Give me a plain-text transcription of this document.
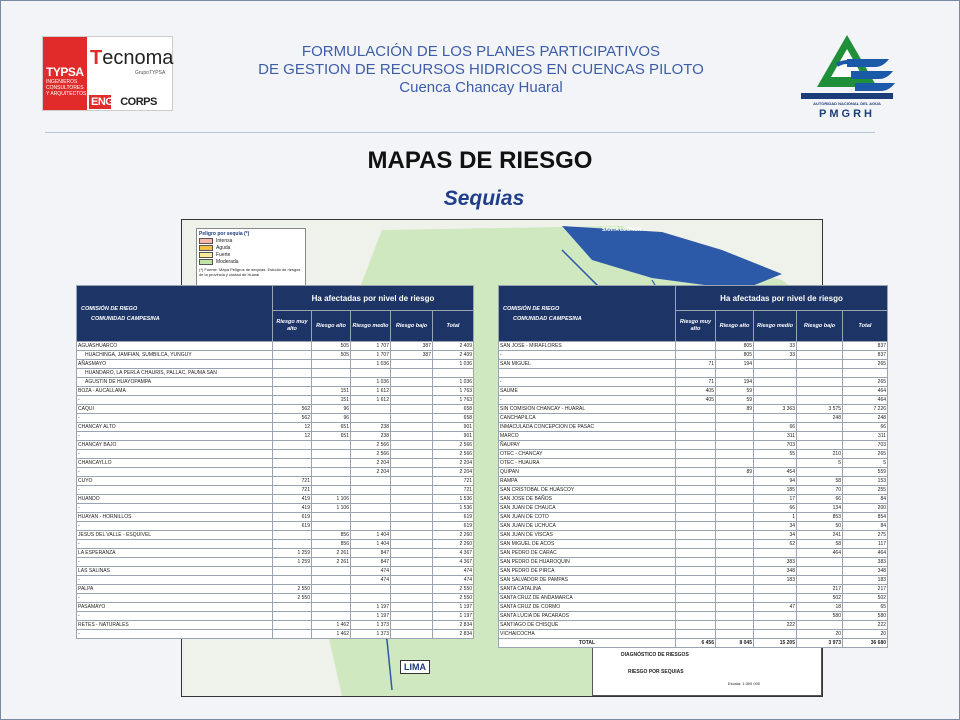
TYPSA
INGENIEROS CONSULTORES Y ARQUITECTOS
Tecnoma
GrupoTYPSA
ENGECORPS
FORMULACIÓN DE LOS PLANES PARTICIPATIVOS
DE GESTION DE RECURSOS HIDRICOS EN CUENCAS PILOTO
Cuenca Chancay Huaral
AUTORIDAD NACIONAL DEL AGUA
PMGRH
MAPAS DE RIESGO
Sequias
Peligro por sequía (*)
Intensa
Aguda
Fuerte
Moderada
(*) Fuente: Mapa Peligros de sequías. Estudio de riesgos de la provincia y ciudad de Huaral
SANTA LEONOR
LIMA
DIAGNÓSTICO DE RIESGOS
RIESGO POR SEQUIAS
Escala: 1:300 000
COMISIÓN DE RIEGO
COMUNIDAD CAMPESINA	Ha afectadas por nivel de riesgo				
	Riesgo muy alto	Riesgo alto	Riesgo medio	Riesgo bajo	Total
AGUASHUARCO		505	1 707	387	2 409
HUACHINGA, JAMFIAN, SUMBILCA, YUNGUY		505	1 707	387	2 409
AÑASMAYO			1 036		1 036
HUANDARO, LA PERLA CHAURIS, PALLAC, PAUMA SAN					
AGUSTIN DE HUAYOPAMPA			1 036		1 036
BOZA - AUCALLAMA		151	1 612		1 763
-		151	1 612		1 763
CAQUI	562	96			658
-	562	96			658
CHANCAY ALTO	12	651	238		901
-	12	651	238		901
CHANCAY BAJO			2 566		2 566
-			2 566		2 566
CHANCAYLLO			2 204		2 204
-			2 204		2 204
CUYO	721				721
-	721				721
HUANDO	419	1 106			1 536
-	419	1 106			1 536
HUAYAN - HORNILLOS	619				619
-	619				619
JESUS DEL VALLE - ESQUIVEL		856	1 404		2 260
-		856	1 404		2 260
LA ESPERANZA	1 259	2 261	847		4 367
-	1 259	2 261	847		4 367
LAS SALINAS			474		474
-			474		474
PALPA	2 550				2 550
-	2 550				2 550
PASAMAYO			1 197		1 197
-			1 197		1 197
RETES - NATURALES		1 462	1 373		2 834
-		1 462	1 373		2 834
COMISIÓN DE RIEGO
COMUNIDAD CAMPESINA	Ha afectadas por nivel de riesgo				
	Riesgo muy alto	Riesgo alto	Riesgo medio	Riesgo bajo	Total
SAN JOSE - MIRAFLORES		805	33		837
-		805	33		837
SAN MIGUEL	71	194			265

-	71	194			265
SAUME	405	59			464
-	405	59			464
SIN COMISION CHANCAY - HUARAL		89	3 363	3 575	7 226
CANCHAPILCA				248	248
INMACULADA CONCEPCION DE PASAC			66		66
MARCO			311		311
ÑAUPAY			703		703
OTEC - CHANCAY			55	210	265
OTEC - HUAURA				5	5
QUIPAN		89	454		559
RAMPA			94	58	153
SAN CRISTOBAL DE HUASCOY			185	70	255
SAN JOSE DE BAÑOS			17	66	84
SAN JUAN DE CHAUCA			66	134	200
SAN JUAN DE COTO			1	853	854
SAN JUAN DE UCHUCA			34	50	84
SAN JUAN DE VISCAS			34	241	275
SAN MIGUEL DE ACOS			62	58	117
SAN PEDRO DE CARAC				464	464
SAN PEDRO DE HUAROQUIN			383		383
SAN PEDRO DE PIRCA			348		348
SAN SALVADOR DE PAMPAS			183		183
SANTA CATALINA				217	217
SANTA CRUZ DE ANDAMARCA				502	502
SANTA CRUZ DE CORMO			47	18	65
SANTA LUCIA DE PACARAOS				580	580
SANTIAGO DE CHISQUE			222		222
VICHAICOCHA				20	20
TOTAL	6 456	8 045	15 205	3 973	36 680
